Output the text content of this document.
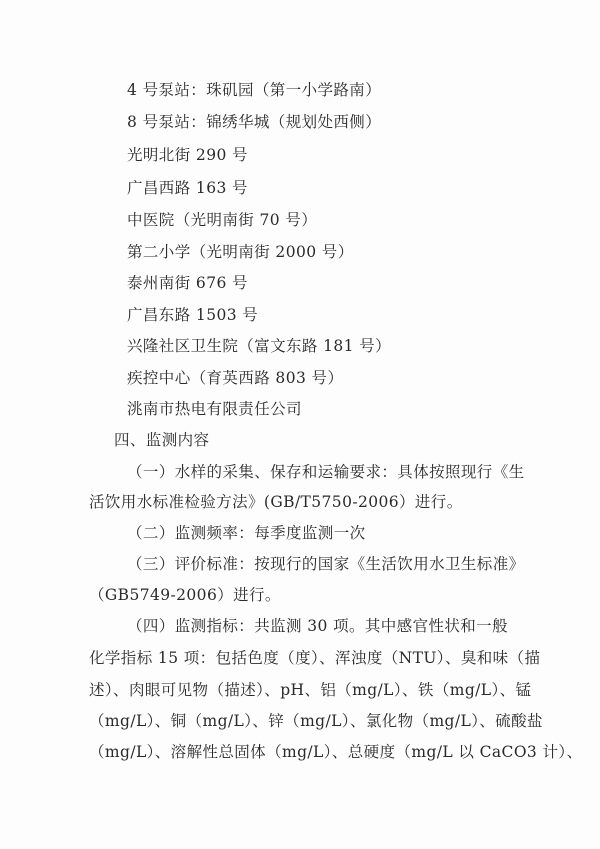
4 号泵站：珠矶园（第一小学路南）
8 号泵站：锦绣华城（规划处西侧）
光明北街 290 号
广昌西路 163 号
中医院（光明南街 70 号）
第二小学（光明南街 2000 号）
泰州南街 676 号
广昌东路 1503 号
兴隆社区卫生院（富文东路 181 号）
疾控中心（育英西路 803 号）
洮南市热电有限责任公司
四、监测内容
（一）水样的采集、保存和运输要求：具体按照现行《生
活饮用水标准检验方法》(GB/T5750-2006）进行。
（二）监测频率：每季度监测一次
（三）评价标准：按现行的国家《生活饮用水卫生标准》
（GB5749-2006）进行。
（四）监测指标：共监测 30 项。其中感官性状和一般
化学指标 15 项：包括色度（度）、浑浊度（NTU）、臭和味（描
述）、肉眼可见物（描述）、pH、铝（mg/L）、铁（mg/L）、锰
（mg/L）、铜（mg/L）、锌（mg/L）、氯化物（mg/L）、硫酸盐
（mg/L）、溶解性总固体（mg/L）、总硬度（mg/L 以 CaCO3 计）、
